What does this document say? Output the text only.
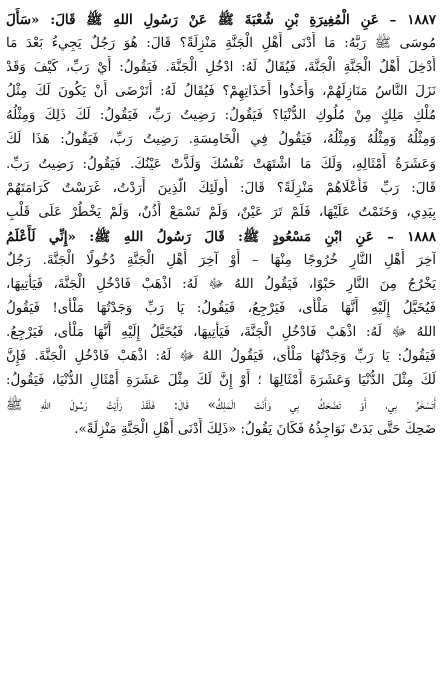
١٨٨٧ – عَنِ الْمُغِيرَةِ بْنِ شُعْبَةَ ﷺ عَنْ رَسُولِ اللهِ ﷺ قَالَ: «سَأَلَ
مُوسَى ﷺ رَبَّهُ: مَا أَدْنَى أَهْلِ الْجَنَّةِ مَنْزِلَةً؟ قَالَ: هُوَ رَجُلٌ يَجِيءُ بَعْدَ مَا
أُدْخِلَ أَهْلُ الْجَنَّةِ الْجَنَّةَ، فَيُقَالُ لَهُ: ادْخُلِ الْجَنَّةَ. فَيَقُولُ: أَيْ رَبِّ، كَيْفَ وَقَدْ
نَزَلَ النَّاسُ مَنَازِلَهُمْ، وَأَخَذُوا أَخَذَاتِهِمْ؟ فَيُقَالُ لَهُ: أَتَرْضَى أَنْ يَكُونَ لَكَ مِثْلُ
مُلْكِ مَلِكٍ مِنْ مُلُوكِ الدُّنْيَا؟ فَيَقُولُ: رَضِيتُ رَبِّ، فَيَقُولُ: لَكَ ذَلِكَ وَمِثْلُهُ
وَمِثْلُهُ وَمِثْلُهُ وَمِثْلُهُ، فَيَقُولُ فِي الْخَامِسَةِ. رَضِيتُ رَبِّ، فَيَقُولُ: هَذَا لَكَ
وَعَشَرَةُ أَمْثَالِهِ، وَلَكَ مَا اشْتَهَتْ نَفْسُكَ وَلَذَّتْ عَيْنُكَ. فَيَقُولُ: رَضِيتُ رَبِّ.
قَالَ: رَبِّ فَأَعْلَاهُمْ مَنْزِلَةً؟ قَالَ: أُولَئِكَ الَّذِينَ أَرَدْتُ، غَرَسْتُ كَرَامَتَهُمْ
بِيَدِي، وَخَتَمْتُ عَلَيْهَا، فَلَمْ تَرَ عَيْنٌ، وَلَمْ تَسْمَعْ أُذُنٌ، وَلَمْ يَخْطُرْ عَلَى قَلْبِ
١٨٨٨ – عَنِ ابْنِ مَسْعُودٍ ﷺ: قَالَ رَسُولُ اللهِ ﷺ: «إِنِّي لَأَعْلَمُ
آخِرَ أَهْلِ النَّارِ خُرُوجًا مِنْهَا – أَوْ آخِرَ أَهْلِ الْجَنَّةِ دُخُولًا الْجَنَّةَ. رَجُلٌ
يَخْرُجُ مِنَ النَّارِ حَبْوًا، فَيَقُولُ اللهُ ﷻ لَهُ: اذْهَبْ فَادْخُلِ الْجَنَّةَ، فَيَأْتِيهَا،
فَيُخَيَّلُ إِلَيْهِ أَنَّهَا مَلْأَى، فَيَرْجِعُ، فَيَقُولُ: يَا رَبِّ وَجَدْتُهَا مَلْأَى! فَيَقُولُ
اللهُ ﷻ لَهُ: اذْهَبْ فَادْخُلِ الْجَنَّةَ، فَيَأْتِيهَا، فَيُخَيَّلُ إِلَيْهِ أَنَّهَا مَلْأَى، فَيَرْجِعُ.
فَيَقُولُ: يَا رَبِّ وَجَدْتُهَا مَلْأَى، فَيَقُولُ اللهُ ﷻ لَهُ: اذْهَبْ فَادْخُلِ الْجَنَّةَ. فَإِنَّ
لَكَ مِثْلَ الدُّنْيَا وَعَشَرَةَ أَمْثَالِهَا ؛ أَوْ إِنَّ لَكَ مِثْلَ عَشَرَةِ أَمْثَالِ الدُّنْيَا، فَيَقُولُ:
أَتَسْخَرُ بِي، أَوْ تَضْحَكُ بِي وَأَنْتَ الْمَلِكُ» قَالَ: فَلَقَدْ رَأَيْتُ رَسُولَ اللهِ ﷺ
ضَحِكَ حَتَّى بَدَتْ نَوَاجِذُهُ فَكَانَ يَقُولُ: «ذَلِكَ أَدْنَى أَهْلِ الْجَنَّةِ مَنْزِلَةً».
